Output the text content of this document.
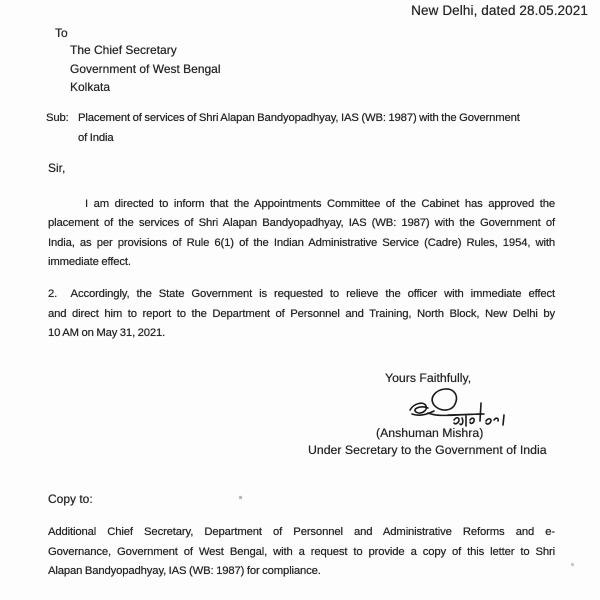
New Delhi, dated 28.05.2021
To
The Chief Secretary
Government of West Bengal
Kolkata
Sub: Placement of services of Shri Alapan Bandyopadhyay, IAS (WB: 1987) with the Government
of India
Sir,
I am directed to inform that the Appointments Committee of the Cabinet has approved the
placement of the services of Shri Alapan Bandyopadhyay, IAS (WB: 1987) with the Government of
India, as per provisions of Rule 6(1) of the Indian Administrative Service (Cadre) Rules, 1954, with
immediate effect.
2.  Accordingly, the State Government is requested to relieve the officer with immediate effect
and direct him to report to the Department of Personnel and Training, North Block, New Delhi by
10 AM on May 31, 2021.
Yours Faithfully,
(Anshuman Mishra)
Under Secretary to the Government of India
Copy to:
Additional Chief Secretary, Department of Personnel and Administrative Reforms and e-
Governance, Government of West Bengal, with a request to provide a copy of this letter to Shri
Alapan Bandyopadhyay, IAS (WB: 1987) for compliance.
